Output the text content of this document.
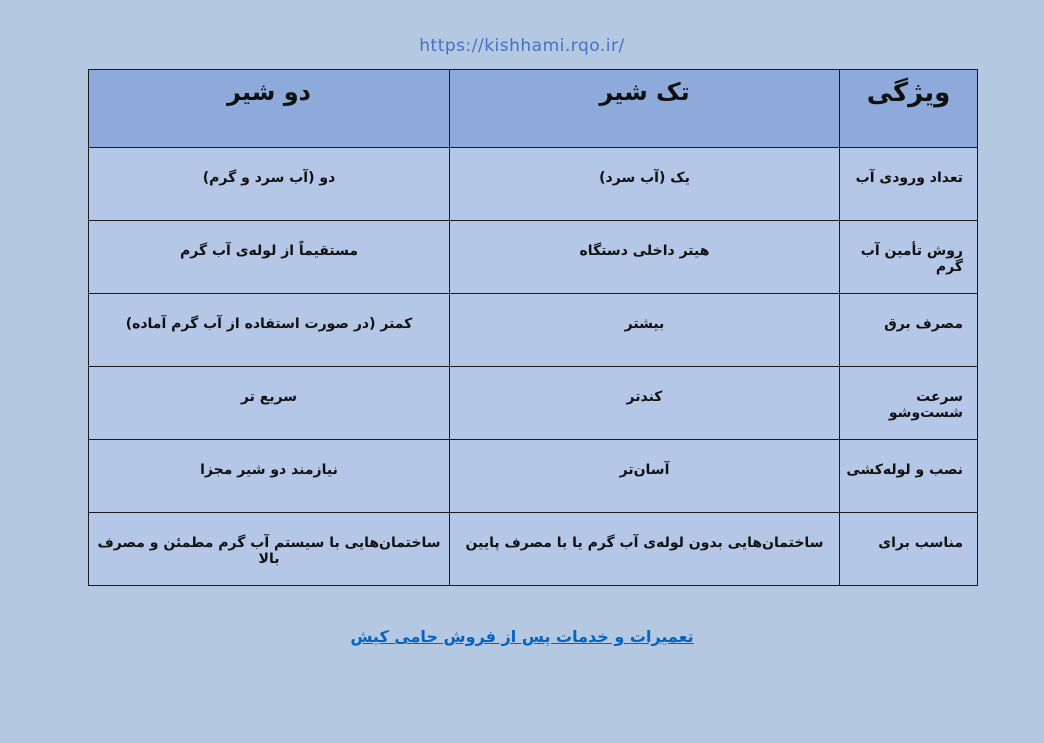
https://kishhami.rqo.ir/
ویژگی	تک شیر	دو شیر
تعداد ورودی آب	یک (آب سرد)	دو (آب سرد و گرم)
روش تأمین آب گرم	هیتر داخلی دستگاه	مستقیماً از لوله‌ی آب گرم
مصرف برق	بیشتر	کمتر (در صورت استفاده از آب گرم آماده)
سرعت شست‌وشو	کندتر	سریع تر
نصب و لوله‌کشی	آسان‌تر	نیازمند دو شیر مجزا
مناسب برای	ساختمان‌هایی بدون لوله‌ی آب گرم یا با مصرف پایین	ساختمان‌هایی با سیستم آب گرم مطمئن و مصرف بالا
تعمیرات و خدمات پس از فروش حامی کیش
